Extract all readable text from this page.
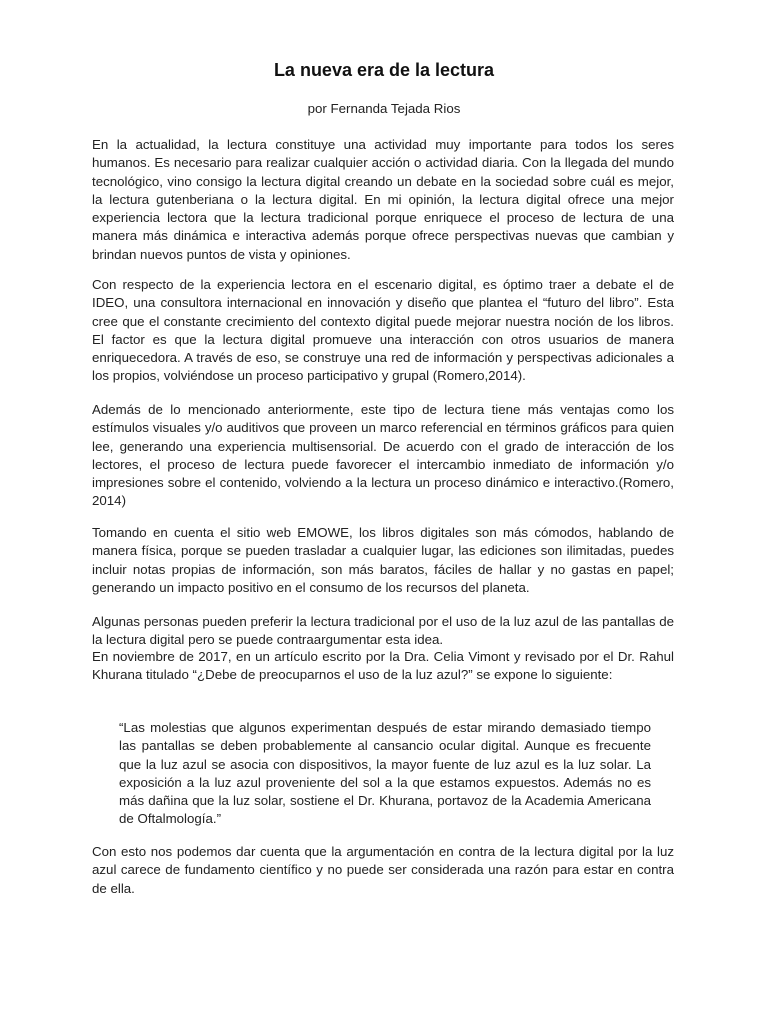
La nueva era de la lectura

por Fernanda Tejada Rios

En la actualidad, la lectura constituye una actividad muy importante para todos los seres humanos. Es necesario para realizar cualquier acción o actividad diaria. Con la llegada del mundo tecnológico, vino consigo la lectura digital creando un debate en la sociedad sobre cuál es mejor, la lectura gutenberiana o la lectura digital. En mi opinión, la lectura digital ofrece una mejor experiencia lectora que la lectura tradicional porque enriquece el proceso de lectura de una manera más dinámica e interactiva además porque ofrece perspectivas nuevas que cambian y brindan nuevos puntos de vista y opiniones.

Con respecto de la experiencia lectora en el escenario digital, es óptimo traer a debate el de IDEO, una consultora internacional en innovación y diseño que plantea el “futuro del libro”. Esta cree que el constante crecimiento del contexto digital puede mejorar nuestra noción de los libros. El factor es que la lectura digital promueve una interacción con otros usuarios de manera enriquecedora. A través de eso, se construye una red de información y perspectivas adicionales a los propios, volviéndose un proceso participativo y grupal (Romero,2014).

Además de lo mencionado anteriormente, este tipo de lectura tiene más ventajas como los estímulos visuales y/o auditivos que proveen un marco referencial en términos gráficos para quien lee, generando una experiencia multisensorial. De acuerdo con el grado de interacción de los lectores, el proceso de lectura puede favorecer el intercambio inmediato de información y/o impresiones sobre el contenido, volviendo a la lectura un proceso dinámico e interactivo.(Romero, 2014)

Tomando en cuenta el sitio web EMOWE, los libros digitales son más cómodos, hablando de manera física, porque se pueden trasladar a cualquier lugar, las ediciones son ilimitadas, puedes incluir notas propias de información, son más baratos, fáciles de hallar y no gastas en papel; generando un impacto positivo en el consumo de los recursos del planeta.

Algunas personas pueden preferir la lectura tradicional por el uso de la luz azul de las pantallas de la lectura digital pero se puede contraargumentar esta idea.

En noviembre de 2017, en un artículo escrito por la Dra. Celia Vimont y revisado por el Dr. Rahul Khurana titulado “¿Debe de preocuparnos el uso de la luz azul?” se expone lo siguiente:

“Las molestias que algunos experimentan después de estar mirando demasiado tiempo las pantallas se deben probablemente al cansancio ocular digital. Aunque es frecuente que la luz azul se asocia con dispositivos, la mayor fuente de luz azul es la luz solar. La exposición a la luz azul proveniente del sol a la que estamos expuestos. Además no es más dañina que la luz solar, sostiene el Dr. Khurana, portavoz de la Academia Americana de Oftalmología.”

Con esto nos podemos dar cuenta que la argumentación en contra de la lectura digital por la luz azul carece de fundamento científico y no puede ser considerada una razón para estar en contra de ella.
